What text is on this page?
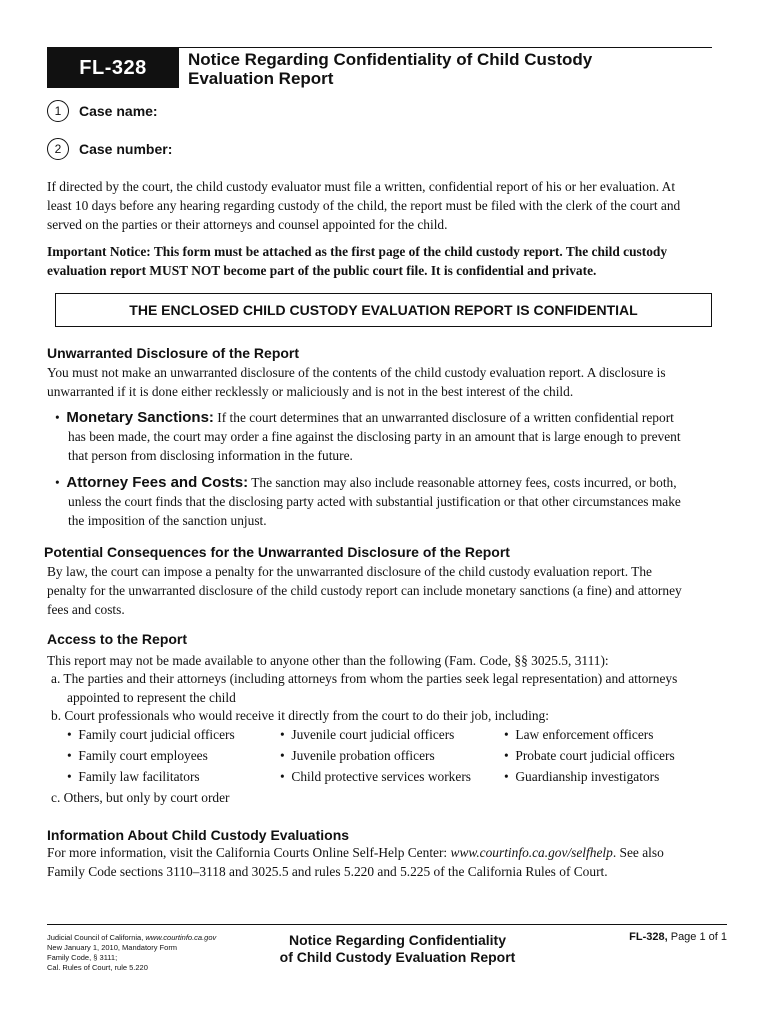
FL-328	Notice Regarding Confidentiality of Child Custody
Evaluation Report
1	Case name:
2	Case number:
If directed by the court, the child custody evaluator must file a written, confidential report of his or her evaluation. At
least 10 days before any hearing regarding custody of the child, the report must be filed with the clerk of the court and
served on the parties or their attorneys and counsel appointed for the child.
Important Notice: This form must be attached as the first page of the child custody report. The child custody
evaluation report MUST NOT become part of the public court file. It is confidential and private.
THE ENCLOSED CHILD CUSTODY EVALUATION REPORT IS CONFIDENTIAL
Unwarranted Disclosure of the Report
You must not make an unwarranted disclosure of the contents of the child custody evaluation report. A disclosure is
unwarranted if it is done either recklessly or maliciously and is not in the best interest of the child.
•  Monetary Sanctions: If the court determines that an unwarranted disclosure of a written confidential report
has been made, the court may order a fine against the disclosing party in an amount that is large enough to prevent
that person from disclosing information in the future.
•  Attorney Fees and Costs: The sanction may also include reasonable attorney fees, costs incurred, or both,
unless the court finds that the disclosing party acted with substantial justification or that other circumstances make
the imposition of the sanction unjust.
Potential Consequences for the Unwarranted Disclosure of the Report
By law, the court can impose a penalty for the unwarranted disclosure of the child custody evaluation report. The
penalty for the unwarranted disclosure of the child custody report can include monetary sanctions (a fine) and attorney
fees and costs.
Access to the Report
This report may not be made available to anyone other than the following (Fam. Code, §§ 3025.5, 3111):
a. The parties and their attorneys (including attorneys from whom the parties seek legal representation) and attorneys
appointed to represent the child
b. Court professionals who would receive it directly from the court to do their job, including:
•  Family court judicial officers
•  Family court employees
•  Family law facilitators
•  Juvenile court judicial officers
•  Juvenile probation officers
•  Child protective services workers
•  Law enforcement officers
•  Probate court judicial officers
•  Guardianship investigators
c. Others, but only by court order
Information About Child Custody Evaluations
For more information, visit the California Courts Online Self-Help Center: www.courtinfo.ca.gov/selfhelp. See also
Family Code sections 3110–3118 and 3025.5 and rules 5.220 and 5.225 of the California Rules of Court.
Judicial Council of California, www.courtinfo.ca.gov
New January 1, 2010, Mandatory Form
Family Code, § 3111;
Cal. Rules of Court, rule 5.220
Notice Regarding Confidentiality
of Child Custody Evaluation Report
FL-328, Page 1 of 1
